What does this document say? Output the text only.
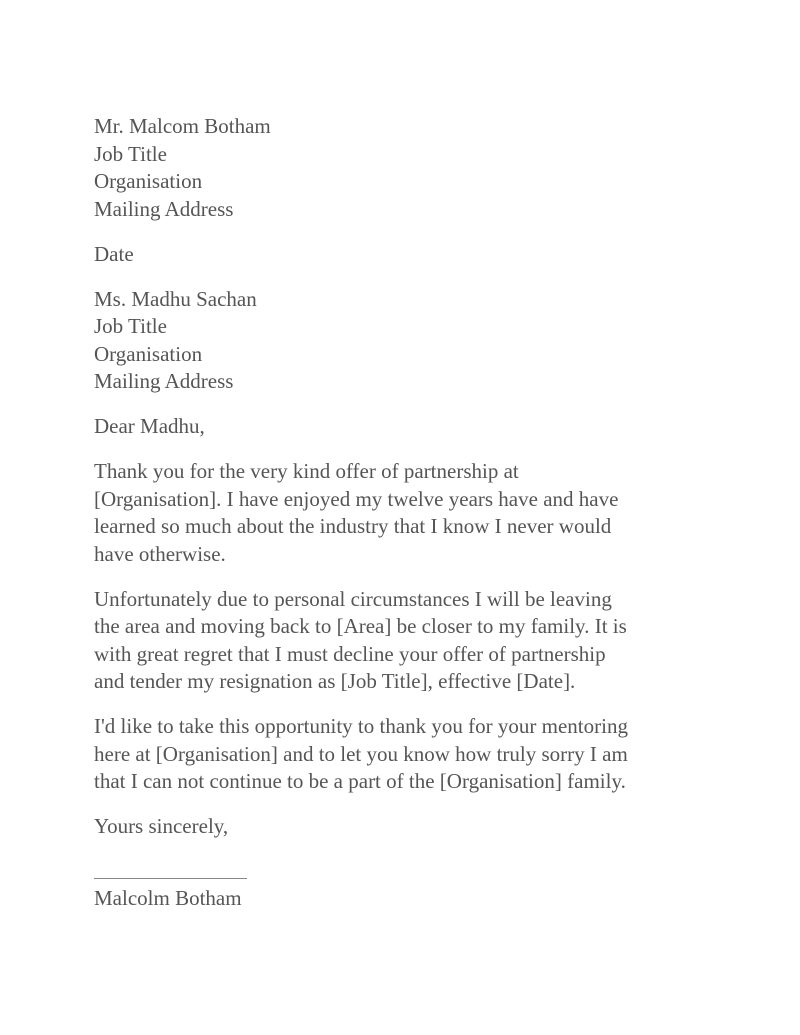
Mr. Malcom Botham
Job Title
Organisation
Mailing Address
Date
Ms. Madhu Sachan
Job Title
Organisation
Mailing Address
Dear Madhu,
Thank you for the very kind offer of partnership at
[Organisation]. I have enjoyed my twelve years have and have
learned so much about the industry that I know I never would
have otherwise.
Unfortunately due to personal circumstances I will be leaving
the area and moving back to [Area] be closer to my family. It is
with great regret that I must decline your offer of partnership
and tender my resignation as [Job Title], effective [Date].
I'd like to take this opportunity to thank you for your mentoring
here at [Organisation] and to let you know how truly sorry I am
that I can not continue to be a part of the [Organisation] family.
Yours sincerely,
Malcolm Botham
